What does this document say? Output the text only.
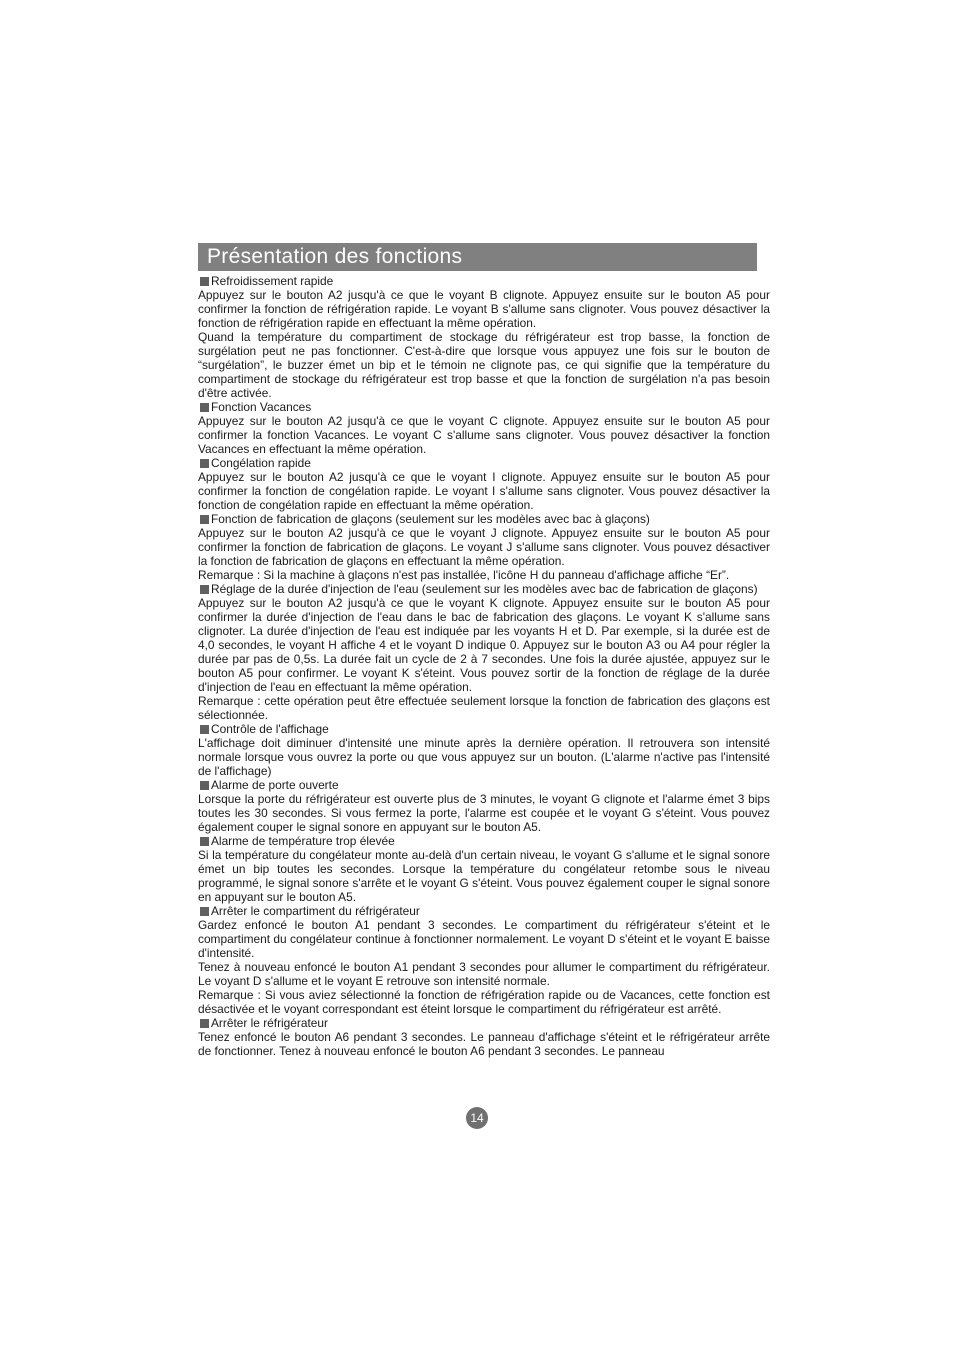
Présentation des fonctions

Refroidissement rapide

Appuyez sur le bouton A2 jusqu'à ce que le voyant B clignote. Appuyez ensuite sur le bouton A5 pour confirmer la fonction de réfrigération rapide. Le voyant B s'allume sans clignoter. Vous pouvez désactiver la fonction de réfrigération rapide en effectuant la même opération.

Quand la température du compartiment de stockage du réfrigérateur est trop basse, la fonction de surgélation peut ne pas fonctionner. C'est-à-dire que lorsque vous appuyez une fois sur le bouton de “surgélation”, le buzzer émet un bip et le témoin ne clignote pas, ce qui signifie que la température du compartiment de stockage du réfrigérateur est trop basse et que la fonction de surgélation n'a pas besoin d'être activée.

Fonction Vacances

Appuyez sur le bouton A2 jusqu'à ce que le voyant C clignote. Appuyez ensuite sur le bouton A5 pour confirmer la fonction Vacances. Le voyant C s'allume sans clignoter. Vous pouvez désactiver la fonction Vacances en effectuant la même opération.

Congélation rapide

Appuyez sur le bouton A2 jusqu'à ce que le voyant I clignote. Appuyez ensuite sur le bouton A5 pour confirmer la fonction de congélation rapide. Le voyant I s'allume sans clignoter. Vous pouvez désactiver la fonction de congélation rapide en effectuant la même opération.

Fonction de fabrication de glaçons (seulement sur les modèles avec bac à glaçons)

Appuyez sur le bouton A2 jusqu'à ce que le voyant J clignote. Appuyez ensuite sur le bouton A5 pour confirmer la fonction de fabrication de glaçons. Le voyant J s'allume sans clignoter. Vous pouvez désactiver la fonction de fabrication de glaçons en effectuant la même opération.

Remarque : Si la machine à glaçons n'est pas installée, l'icône H du panneau d'affichage affiche “Er”.

Réglage de la durée d'injection de l'eau (seulement sur les modèles avec bac de fabrication de glaçons)

Appuyez sur le bouton A2 jusqu'à ce que le voyant K clignote. Appuyez ensuite sur le bouton A5 pour confirmer la durée d'injection de l'eau dans le bac de fabrication des glaçons. Le voyant K s'allume sans clignoter. La durée d'injection de l'eau est indiquée par les voyants H et D. Par exemple, si la durée est de 4,0 secondes, le voyant H affiche 4 et le voyant D indique 0. Appuyez sur le bouton A3 ou A4 pour régler la durée par pas de 0,5s. La durée fait un cycle de 2 à 7 secondes. Une fois la durée ajustée, appuyez sur le bouton A5 pour confirmer. Le voyant K s'éteint. Vous pouvez sortir de la fonction de réglage de la durée d'injection de l'eau en effectuant la même opération.

Remarque : cette opération peut être effectuée seulement lorsque la fonction de fabrication des glaçons est sélectionnée.

Contrôle de l'affichage

L'affichage doit diminuer d'intensité une minute après la dernière opération. Il retrouvera son intensité normale lorsque vous ouvrez la porte ou que vous appuyez sur un bouton. (L'alarme n'active pas l'intensité de l'affichage)

Alarme de porte ouverte

Lorsque la porte du réfrigérateur est ouverte plus de 3 minutes, le voyant G clignote et l'alarme émet 3 bips toutes les 30 secondes. Si vous fermez la porte, l'alarme est coupée et le voyant G s'éteint. Vous pouvez également couper le signal sonore en appuyant sur le bouton A5.

Alarme de température trop élevée

Si la température du congélateur monte au-delà d'un certain niveau, le voyant G s'allume et le signal sonore émet un bip toutes les secondes. Lorsque la température du congélateur retombe sous le niveau programmé, le signal sonore s'arrête et le voyant G s'éteint. Vous pouvez également couper le signal sonore en appuyant sur le bouton A5.

Arrêter le compartiment du réfrigérateur

Gardez enfoncé le bouton A1 pendant 3 secondes. Le compartiment du réfrigérateur s'éteint et le compartiment du congélateur continue à fonctionner normalement. Le voyant D s'éteint et le voyant E baisse d'intensité.

Tenez à nouveau enfoncé le bouton A1 pendant 3 secondes pour allumer le compartiment du réfrigérateur. Le voyant D s'allume et le voyant E retrouve son intensité normale.

Remarque : Si vous aviez sélectionné la fonction de réfrigération rapide ou de Vacances, cette fonction est désactivée et le voyant correspondant est éteint lorsque le compartiment du réfrigérateur est arrêté.

Arrêter le réfrigérateur

Tenez enfoncé le bouton A6 pendant 3 secondes. Le panneau d'affichage s'éteint et le réfrigérateur arrête de fonctionner. Tenez à nouveau enfoncé le bouton A6 pendant 3 secondes. Le panneau

14
